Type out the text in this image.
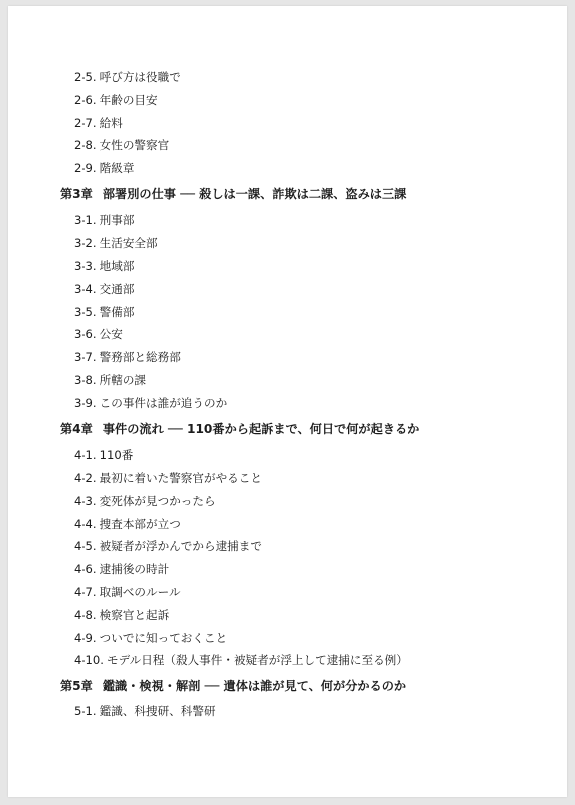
2-5. 呼び方は役職で
2-6. 年齢の目安
2-7. 給料
2-8. 女性の警察官
2-9. 階級章
第3章 部署別の仕事 ── 殺しは一課、詐欺は二課、盗みは三課
3-1. 刑事部
3-2. 生活安全部
3-3. 地域部
3-4. 交通部
3-5. 警備部
3-6. 公安
3-7. 警務部と総務部
3-8. 所轄の課
3-9. この事件は誰が追うのか
第4章 事件の流れ ── 110番から起訴まで、何日で何が起きるか
4-1. 110番
4-2. 最初に着いた警察官がやること
4-3. 変死体が見つかったら
4-4. 捜査本部が立つ
4-5. 被疑者が浮かんでから逮捕まで
4-6. 逮捕後の時計
4-7. 取調べのルール
4-8. 検察官と起訴
4-9. ついでに知っておくこと
4-10. モデル日程（殺人事件・被疑者が浮上して逮捕に至る例）
第5章 鑑識・検視・解剖 ── 遺体は誰が見て、何が分かるのか
5-1. 鑑識、科捜研、科警研
